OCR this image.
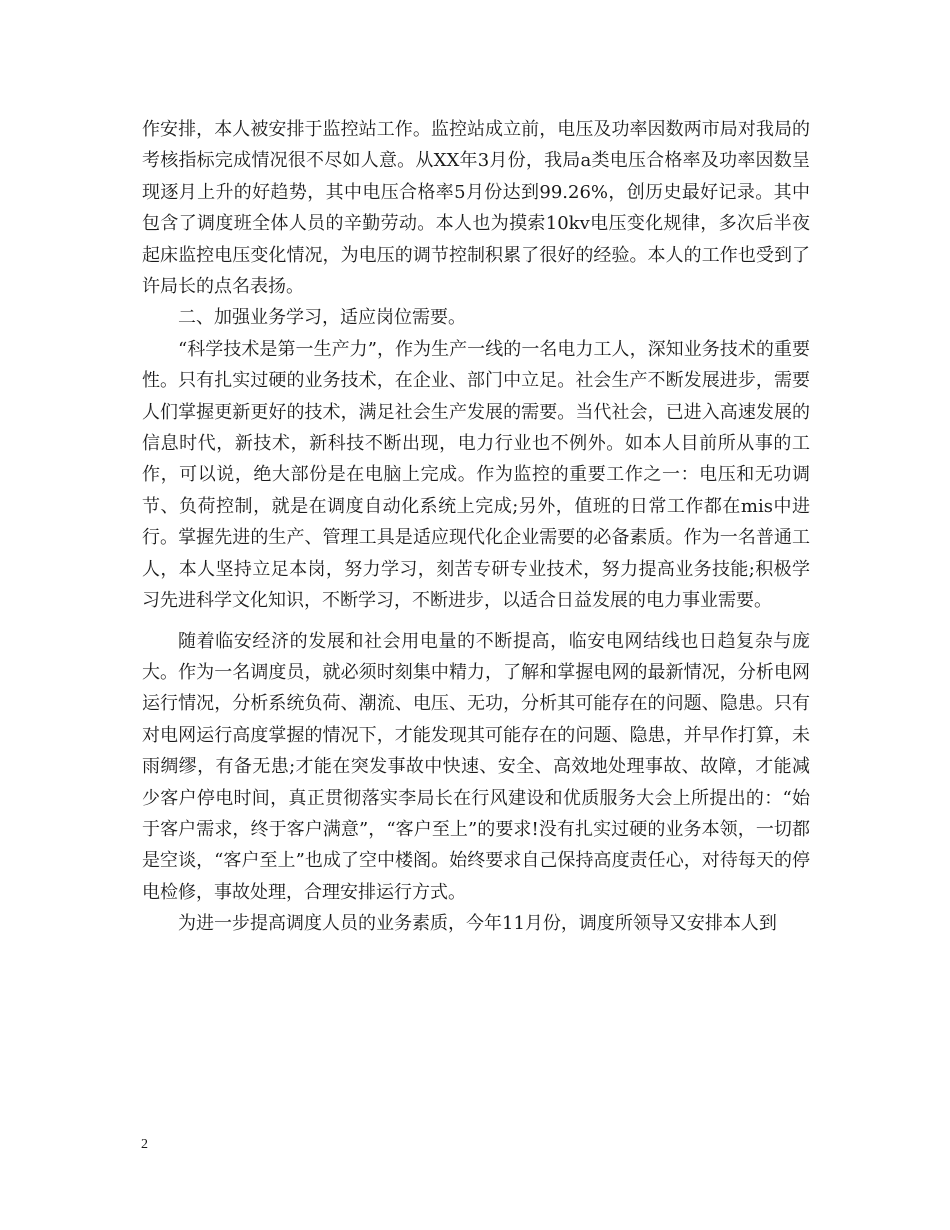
作安排，本人被安排于监控站工作。监控站成立前，电压及功率因数两市局对我局的考核指标完成情况很不尽如人意。从XX年3月份，我局a类电压合格率及功率因数呈现逐月上升的好趋势，其中电压合格率5月份达到99.26%，创历史最好记录。其中包含了调度班全体人员的辛勤劳动。本人也为摸索10kv电压变化规律，多次后半夜起床监控电压变化情况，为电压的调节控制积累了很好的经验。本人的工作也受到了许局长的点名表扬。

二、加强业务学习，适应岗位需要。

“科学技术是第一生产力”，作为生产一线的一名电力工人，深知业务技术的重要性。只有扎实过硬的业务技术，在企业、部门中立足。社会生产不断发展进步，需要人们掌握更新更好的技术，满足社会生产发展的需要。当代社会，已进入高速发展的信息时代，新技术，新科技不断出现，电力行业也不例外。如本人目前所从事的工作，可以说，绝大部份是在电脑上完成。作为监控的重要工作之一：电压和无功调节、负荷控制，就是在调度自动化系统上完成;另外，值班的日常工作都在mis中进行。掌握先进的生产、管理工具是适应现代化企业需要的必备素质。作为一名普通工人，本人坚持立足本岗，努力学习，刻苦专研专业技术，努力提高业务技能;积极学习先进科学文化知识，不断学习，不断进步，以适合日益发展的电力事业需要。

随着临安经济的发展和社会用电量的不断提高，临安电网结线也日趋复杂与庞大。作为一名调度员，就必须时刻集中精力，了解和掌握电网的最新情况，分析电网运行情况，分析系统负荷、潮流、电压、无功，分析其可能存在的问题、隐患。只有对电网运行高度掌握的情况下，才能发现其可能存在的问题、隐患，并早作打算，未雨绸缪，有备无患;才能在突发事故中快速、安全、高效地处理事故、故障，才能减少客户停电时间，真正贯彻落实李局长在行风建设和优质服务大会上所提出的：“始于客户需求，终于客户满意”，“客户至上”的要求!没有扎实过硬的业务本领，一切都是空谈，“客户至上”也成了空中楼阁。始终要求自己保持高度责任心，对待每天的停电检修，事故处理，合理安排运行方式。

为进一步提高调度人员的业务素质，今年11月份，调度所领导又安排本人到

2
